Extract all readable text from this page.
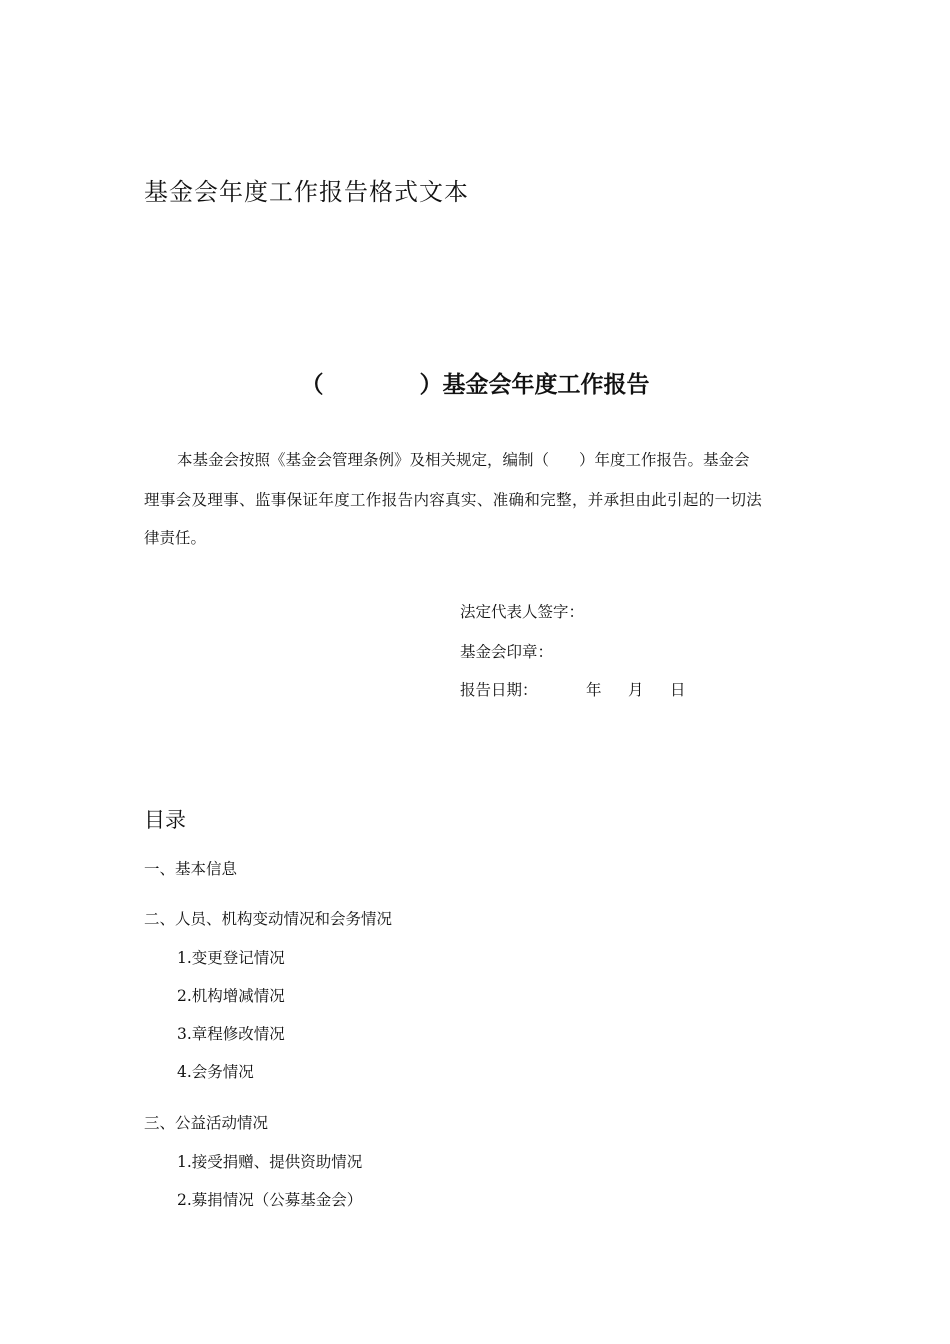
基金会年度工作报告格式文本
（	）基金会年度工作报告
本基金会按照《基金会管理条例》及相关规定，编制（ ）年度工作报告。基金会
理事会及理事、监事保证年度工作报告内容真实、准确和完整，并承担由此引起的一切法
律责任。
法定代表人签字：
基金会印章：
报告日期：	年 月 日
目录
一、基本信息
二、人员、机构变动情况和会务情况
1.变更登记情况
2.机构增减情况
3.章程修改情况
4.会务情况
三、公益活动情况
1.接受捐赠、提供资助情况
2.募捐情况（公募基金会）
